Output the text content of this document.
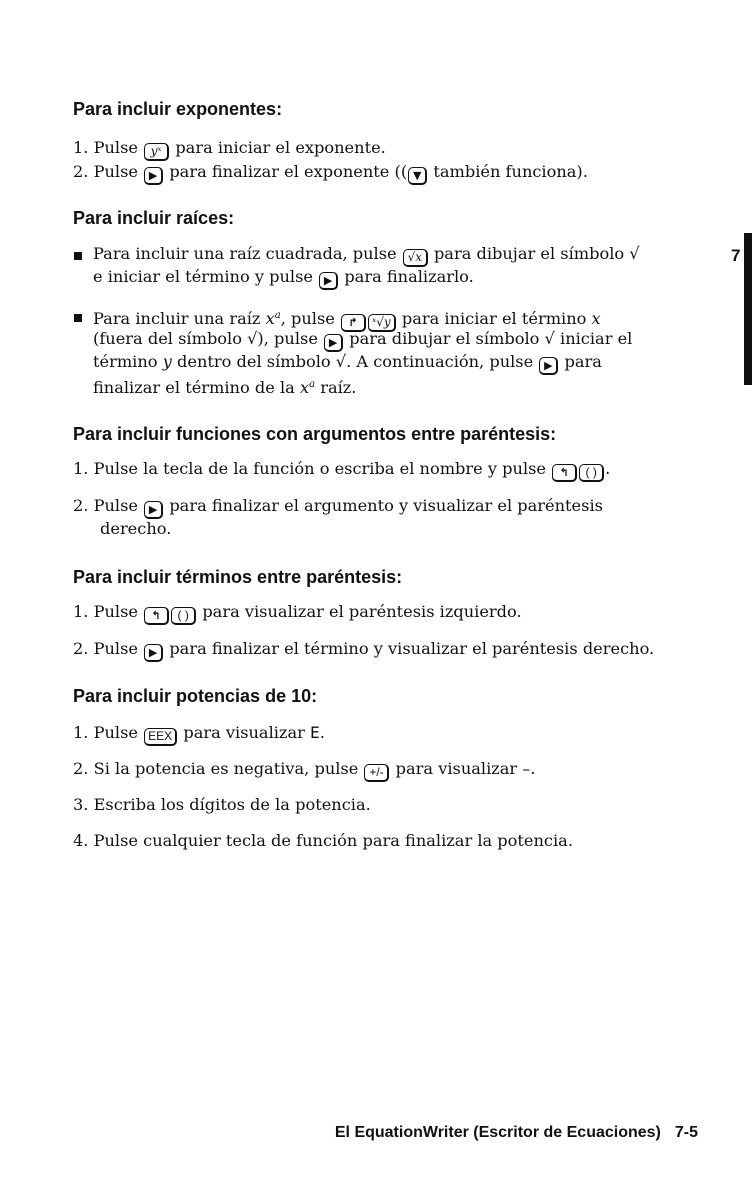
Para incluir exponentes:
1. Pulse yˣ para iniciar el exponente.
2. Pulse ▶ para finalizar el exponente (( ▼ también funciona).
Para incluir raíces:
Para incluir una raíz cuadrada, pulse √x para dibujar el símbolo √
e iniciar el término y pulse ▶ para finalizarlo.
Para incluir una raíz $x^a$, pulse ↱ ˣ√y para iniciar el término x
(fuera del símbolo √), pulse ▶ para dibujar el símbolo √ iniciar el
término y dentro del símbolo √. A continuación, pulse ▶ para
finalizar el término de la $x^a$ raíz.
Para incluir funciones con argumentos entre paréntesis:
1. Pulse la tecla de la función o escriba el nombre y pulse ↰ ( ) .
2. Pulse ▶ para finalizar el argumento y visualizar el paréntesis
derecho.
Para incluir términos entre paréntesis:
1. Pulse ↰ ( ) para visualizar el paréntesis izquierdo.
2. Pulse ▶ para finalizar el término y visualizar el paréntesis derecho.
Para incluir potencias de 10:
1. Pulse EEX para visualizar E.
2. Si la potencia es negativa, pulse +/- para visualizar –.
3. Escriba los dígitos de la potencia.
4. Pulse cualquier tecla de función para finalizar la potencia.
7
El EquationWriter (Escritor de Ecuaciones) 7-5
